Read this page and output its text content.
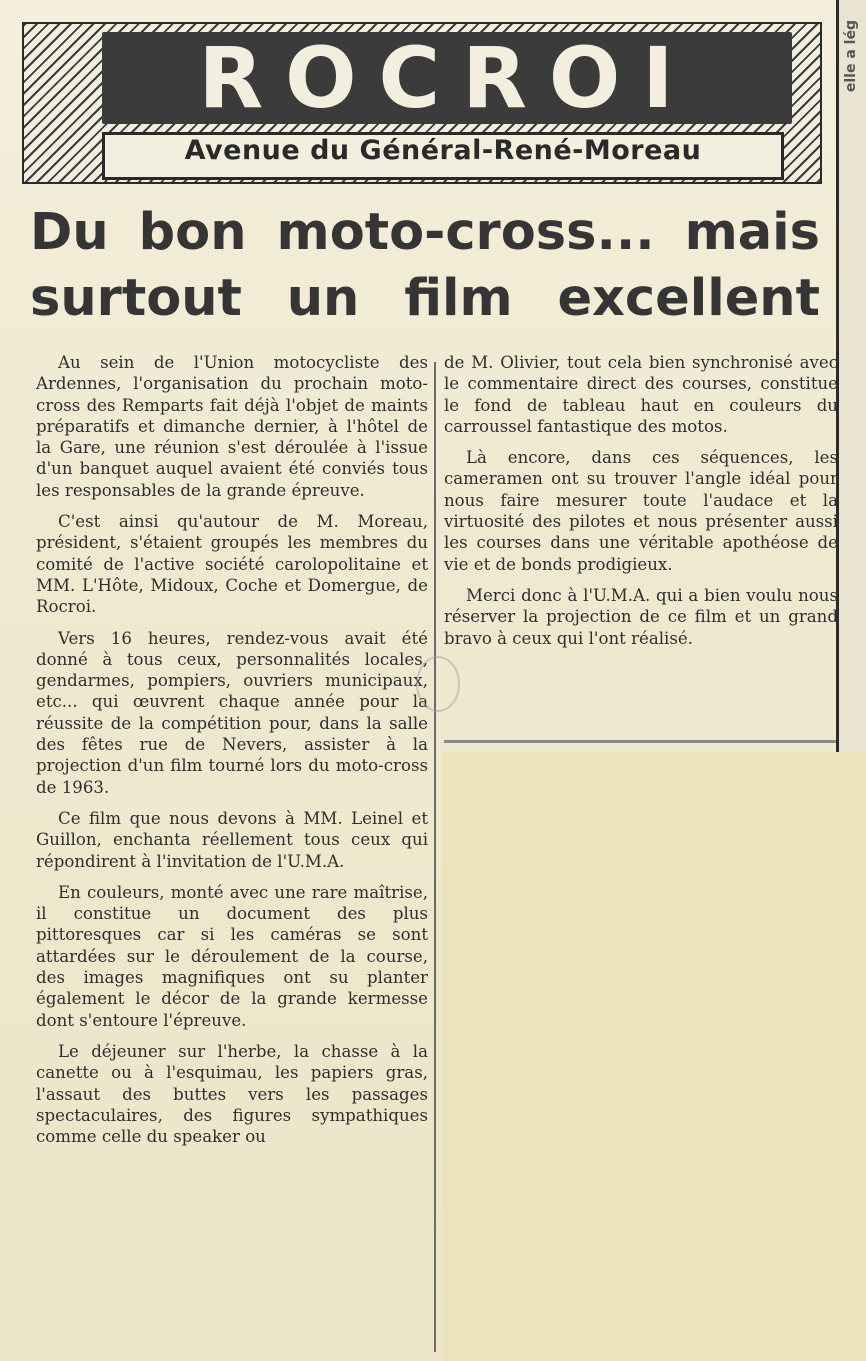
elle a lég
ROCROI
Avenue du Général-René-Moreau
Du bon moto-cross... mais surtout un film excellent

Au sein de l'Union motocycliste des Ardennes, l'organisation du prochain moto-cross des Remparts fait déjà l'objet de maints préparatifs et dimanche dernier, à l'hôtel de la Gare, une réunion s'est déroulée à l'issue d'un banquet auquel avaient été conviés tous les responsables de la grande épreuve.

C'est ainsi qu'autour de M. Moreau, président, s'étaient groupés les membres du comité de l'active société carolopolitaine et MM. L'Hôte, Midoux, Coche et Domergue, de Rocroi.

Vers 16 heures, rendez-vous avait été donné à tous ceux, personnalités locales, gendarmes, pompiers, ouvriers municipaux, etc... qui œuvrent chaque année pour la réussite de la compétition pour, dans la salle des fêtes rue de Nevers, assister à la projection d'un film tourné lors du moto-cross de 1963.

Ce film que nous devons à MM. Leinel et Guillon, enchanta réellement tous ceux qui répondirent à l'invitation de l'U.M.A.

En couleurs, monté avec une rare maîtrise, il constitue un document des plus pittoresques car si les caméras se sont attardées sur le déroulement de la course, des images magnifiques ont su planter également le décor de la grande kermesse dont s'entoure l'épreuve.

Le déjeuner sur l'herbe, la chasse à la canette ou à l'esquimau, les papiers gras, l'assaut des buttes vers les passages spectaculaires, des figures sympathiques comme celle du speaker ou

de M. Olivier, tout cela bien synchronisé avec le commentaire direct des courses, constitue le fond de tableau haut en couleurs du carroussel fantastique des motos.

Là encore, dans ces séquences, les cameramen ont su trouver l'angle idéal pour nous faire mesurer toute l'audace et la virtuosité des pilotes et nous présenter aussi les courses dans une véritable apothéose de vie et de bonds prodigieux.

Merci donc à l'U.M.A. qui a bien voulu nous réserver la projection de ce film et un grand bravo à ceux qui l'ont réalisé.
